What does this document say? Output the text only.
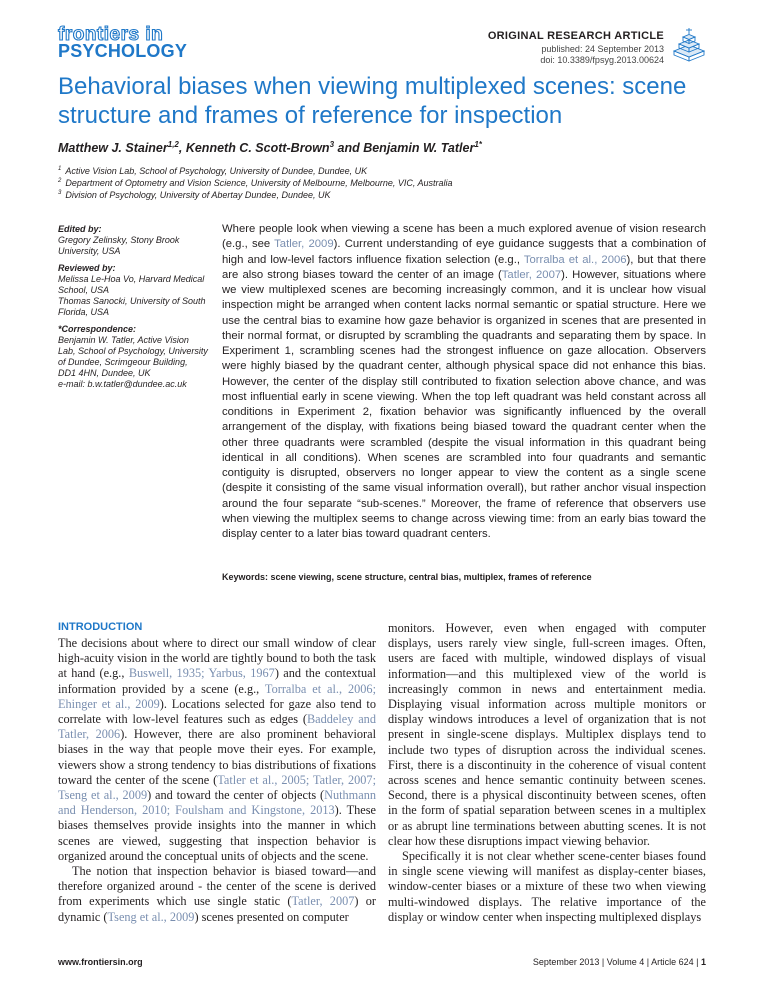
frontiers in
PSYCHOLOGY
ORIGINAL RESEARCH ARTICLE
published: 24 September 2013
doi: 10.3389/fpsyg.2013.00624
Behavioral biases when viewing multiplexed scenes: scene structure and frames of reference for inspection
Matthew J. Stainer$^{1,2}$, Kenneth C. Scott-Brown$^3$ and Benjamin W. Tatler$^{1*}$
$^1$ Active Vision Lab, School of Psychology, University of Dundee, Dundee, UK
$^2$ Department of Optometry and Vision Science, University of Melbourne, Melbourne, VIC, Australia
$^3$ Division of Psychology, University of Abertay Dundee, Dundee, UK
Edited by:
Gregory Zelinsky, Stony Brook University, USA
Reviewed by:
Melissa Le-Hoa Vo, Harvard Medical School, USA
Thomas Sanocki, University of South Florida, USA
*Correspondence:
Benjamin W. Tatler, Active Vision Lab, School of Psychology, University of Dundee, Scrimgeour Building, DD1 4HN, Dundee, UK
e-mail: b.w.tatler@dundee.ac.uk
Where people look when viewing a scene has been a much explored avenue of vision research (e.g., see Tatler, 2009). Current understanding of eye guidance suggests that a combination of high and low-level factors influence fixation selection (e.g., Torralba et al., 2006), but that there are also strong biases toward the center of an image (Tatler, 2007). However, situations where we view multiplexed scenes are becoming increasingly common, and it is unclear how visual inspection might be arranged when content lacks normal semantic or spatial structure. Here we use the central bias to examine how gaze behavior is organized in scenes that are presented in their normal format, or disrupted by scrambling the quadrants and separating them by space. In Experiment 1, scrambling scenes had the strongest influence on gaze allocation. Observers were highly biased by the quadrant center, although physical space did not enhance this bias. However, the center of the display still contributed to fixation selection above chance, and was most influential early in scene viewing. When the top left quadrant was held constant across all conditions in Experiment 2, fixation behavior was significantly influenced by the overall arrangement of the display, with fixations being biased toward the quadrant center when the other three quadrants were scrambled (despite the visual information in this quadrant being identical in all conditions). When scenes are scrambled into four quadrants and semantic contiguity is disrupted, observers no longer appear to view the content as a single scene (despite it consisting of the same visual information overall), but rather anchor visual inspection around the four separate “sub-scenes.” Moreover, the frame of reference that observers use when viewing the multiplex seems to change across viewing time: from an early bias toward the display center to a later bias toward quadrant centers.
Keywords: scene viewing, scene structure, central bias, multiplex, frames of reference
INTRODUCTION

The decisions about where to direct our small window of clear high-acuity vision in the world are tightly bound to both the task at hand (e.g., Buswell, 1935; Yarbus, 1967) and the contextual information provided by a scene (e.g., Torralba et al., 2006; Ehinger et al., 2009). Locations selected for gaze also tend to correlate with low-level features such as edges (Baddeley and Tatler, 2006). However, there are also prominent behavioral biases in the way that people move their eyes. For example, viewers show a strong tendency to bias distributions of fixations toward the center of the scene (Tatler et al., 2005; Tatler, 2007; Tseng et al., 2009) and toward the center of objects (Nuthmann and Henderson, 2010; Foulsham and Kingstone, 2013). These biases themselves provide insights into the manner in which scenes are viewed, suggesting that inspection behavior is organized around the conceptual units of objects and the scene.

The notion that inspection behavior is biased toward—and therefore organized around - the center of the scene is derived from experiments which use single static (Tatler, 2007) or dynamic (Tseng et al., 2009) scenes presented on computer

monitors. However, even when engaged with computer displays, users rarely view single, full-screen images. Often, users are faced with multiple, windowed displays of visual information—and this multiplexed view of the world is increasingly common in news and entertainment media. Displaying visual information across multiple monitors or display windows introduces a level of organization that is not present in single-scene displays. Multiplex displays tend to include two types of disruption across the individual scenes. First, there is a discontinuity in the coherence of visual content across scenes and hence semantic continuity between scenes. Second, there is a physical discontinuity between scenes, often in the form of spatial separation between scenes in a multiplex or as abrupt line terminations between abutting scenes. It is not clear how these disruptions impact viewing behavior.

Specifically it is not clear whether scene-center biases found in single scene viewing will manifest as display-center biases, window-center biases or a mixture of these two when viewing multi-windowed displays. The relative importance of the display or window center when inspecting multiplexed displays

www.frontiersin.org	September 2013 | Volume 4 | Article 624 | 1
